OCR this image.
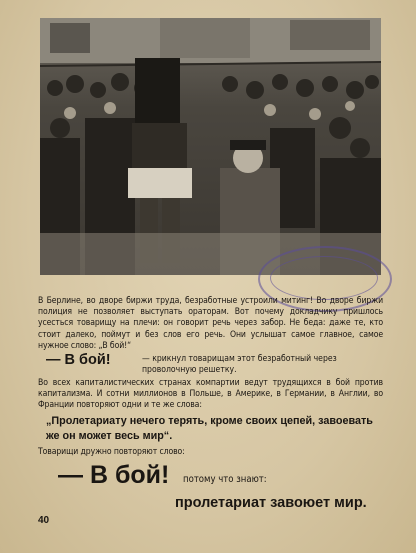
В Берлине, во дворе биржи труда, безработные устроили митинг! Во дворе биржи полиция не позволяет выступать ораторам. Вот почему докладчику пришлось усесться товарищу на плечи: он говорит речь через забор. Не беда: даже те, кто стоит далеко, поймут и без слов его речь. Они услышат самое главное, самое нужное слово: „В бой!“
— В бой!	— крикнул товарищам этот безработный через проволочную решетку.
Во всех капиталистических странах компартии ведут трудящихся в бой против капитализма. И сотни миллионов в Польше, в Америке, в Германии, в Англии, во Франции повторяют одни и те же слова:
„Пролетариату нечего терять, кроме своих цепей, завоевать же он может весь мир“.
Товарищи дружно повторяют слово:
— В бой! потому что знают:
пролетариат завоюет мир.
40
